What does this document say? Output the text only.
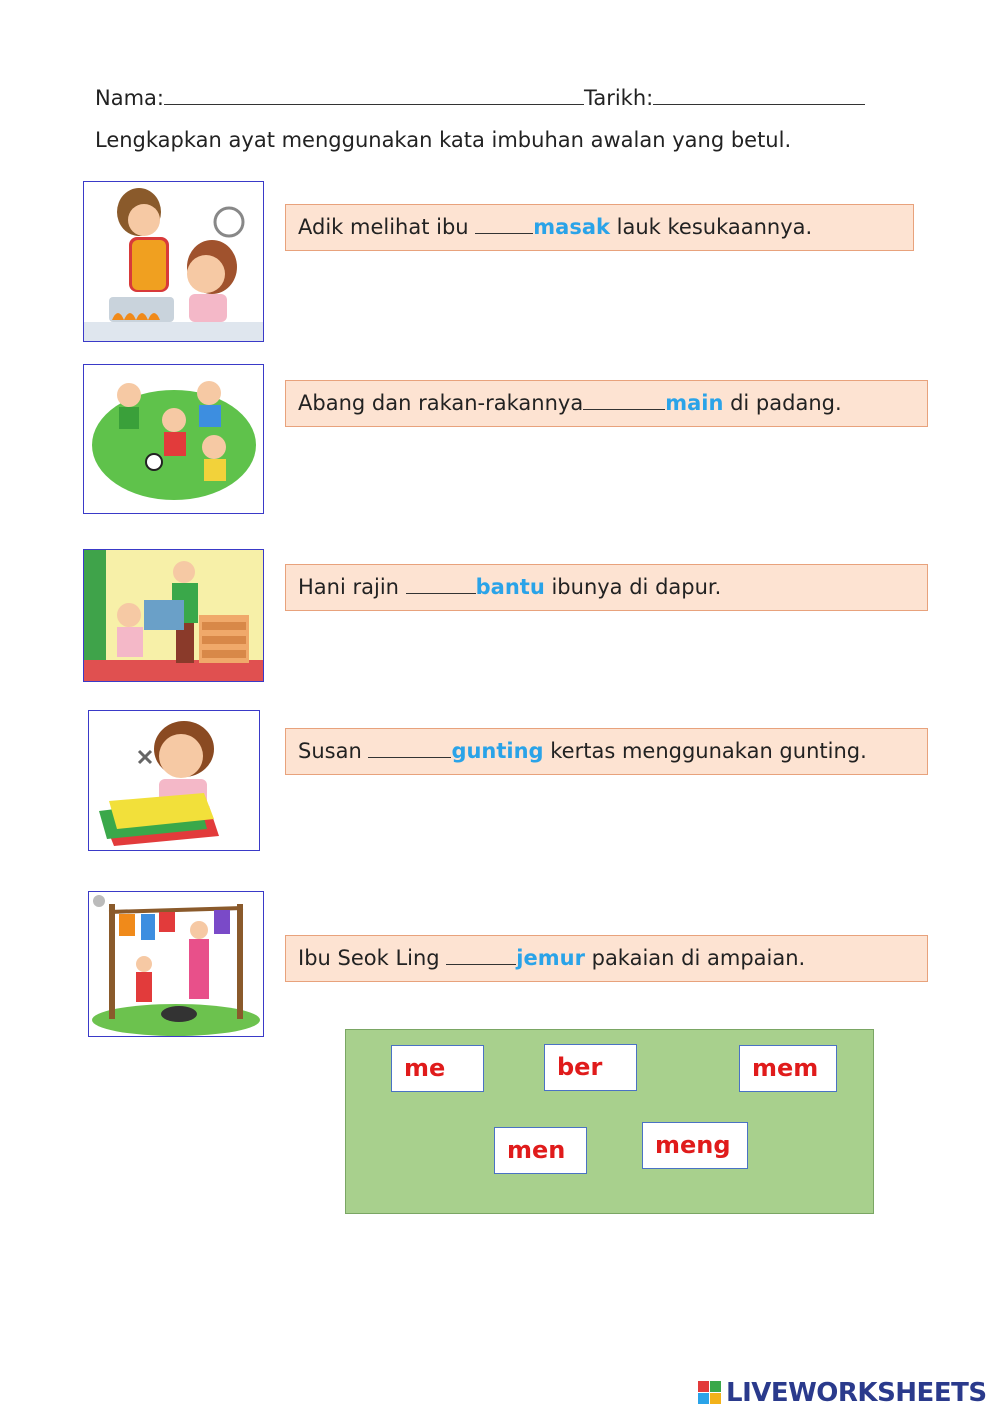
Nama:	Tarikh:
Lengkapkan ayat menggunakan kata imbuhan awalan yang betul.
Adik melihat ibu	masak lauk kesukaannya.
Abang dan rakan-rakannya	main di padang.
Hani rajin	bantu ibunya di dapur.
Susan	gunting kertas menggunakan gunting.
Ibu Seok Ling	jemur pakaian di ampaian.
me	ber	mem
men	meng
LIVEWORKSHEETS
